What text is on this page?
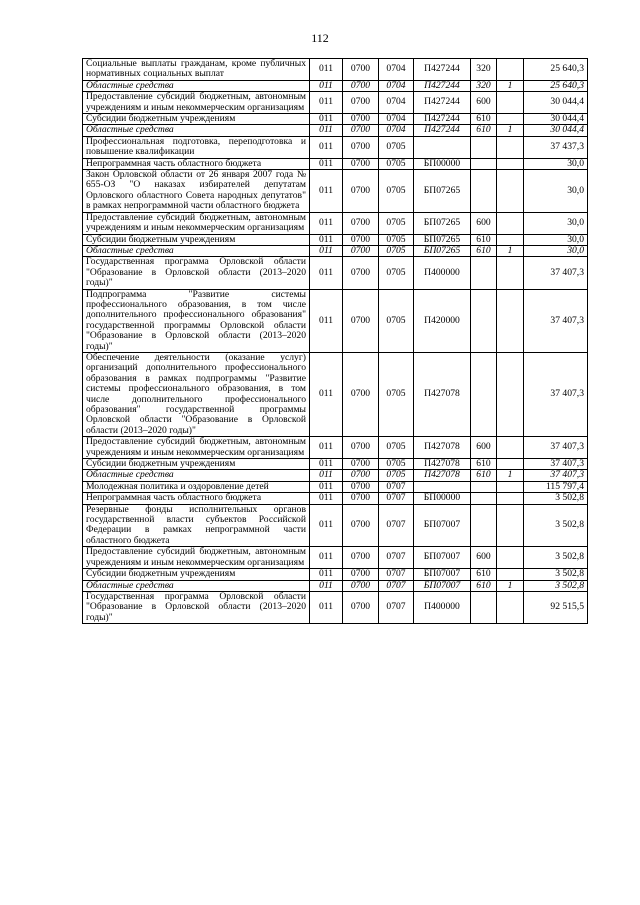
112
Социальные выплаты гражданам, кроме публичных нормативных социальных выплат	011	0700	0704	П427244	320		25 640,3
Областные средства	011	0700	0704	П427244	320	1	25 640,3
Предоставление субсидий бюджетным, автономным учреждениям и иным некоммерческим организациям	011	0700	0704	П427244	600		30 044,4
Субсидии бюджетным учреждениям	011	0700	0704	П427244	610		30 044,4
Областные средства	011	0700	0704	П427244	610	1	30 044,4
Профессиональная подготовка, переподготовка и повышение квалификации	011	0700	0705				37 437,3
Непрограммная часть областного бюджета	011	0700	0705	БП00000			30,0
Закон Орловской области от 26 января 2007 года № 655-ОЗ "О наказах избирателей депутатам Орловского областного Совета народных депутатов" в рамках непрограммной части областного бюджета	011	0700	0705	БП07265			30,0
Предоставление субсидий бюджетным, автономным учреждениям и иным некоммерческим организациям	011	0700	0705	БП07265	600		30,0
Субсидии бюджетным учреждениям	011	0700	0705	БП07265	610		30,0
Областные средства	011	0700	0705	БП07265	610	1	30,0
Государственная программа Орловской области "Образование в Орловской области (2013–2020 годы)"	011	0700	0705	П400000			37 407,3
Подпрограмма "Развитие системы профессионального образования, в том числе дополнительного профессионального образования" государственной программы Орловской области "Образование в Орловской области (2013–2020 годы)"	011	0700	0705	П420000			37 407,3
Обеспечение деятельности (оказание услуг) организаций дополнительного профессионального образования в рамках подпрограммы "Развитие системы профессионального образования, в том числе дополнительного профессионального образования" государственной программы Орловской области "Образование в Орловской области (2013–2020 годы)"	011	0700	0705	П427078			37 407,3
Предоставление субсидий бюджетным, автономным учреждениям и иным некоммерческим организациям	011	0700	0705	П427078	600		37 407,3
Субсидии бюджетным учреждениям	011	0700	0705	П427078	610		37 407,3
Областные средства	011	0700	0705	П427078	610	1	37 407,3
Молодежная политика и оздоровление детей	011	0700	0707				115 797,4
Непрограммная часть областного бюджета	011	0700	0707	БП00000			3 502,8
Резервные фонды исполнительных органов государственной власти субъектов Российской Федерации в рамках непрограммной части областного бюджета	011	0700	0707	БП07007			3 502,8
Предоставление субсидий бюджетным, автономным учреждениям и иным некоммерческим организациям	011	0700	0707	БП07007	600		3 502,8
Субсидии бюджетным учреждениям	011	0700	0707	БП07007	610		3 502,8
Областные средства	011	0700	0707	БП07007	610	1	3 502,8
Государственная программа Орловской области "Образование в Орловской области (2013–2020 годы)"	011	0700	0707	П400000			92 515,5
